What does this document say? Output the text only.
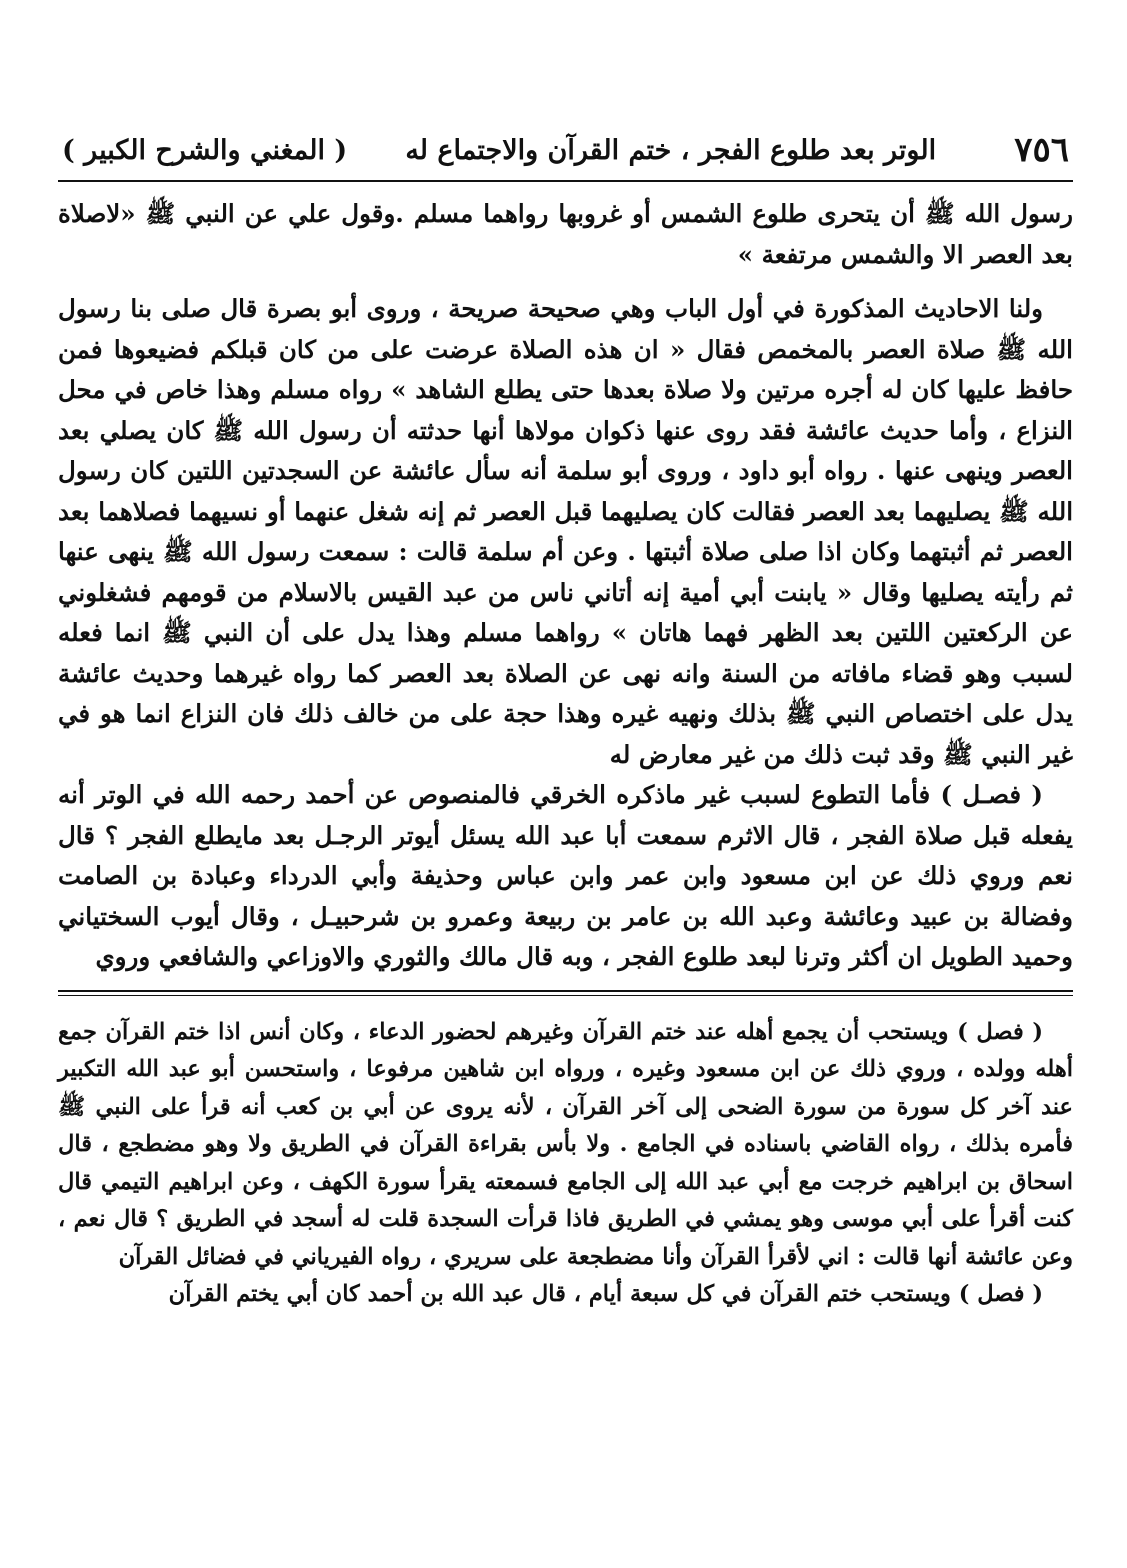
٧٥٦
الوتر بعد طلوع الفجر ، ختم القرآن والاجتماع له
( المغني والشرح الكبير )

رسول الله ﷺ أن يتحرى طلوع الشمس أو غروبها رواهما مسلم .وقول علي عن النبي ﷺ «لاصلاة بعد العصر الا والشمس مرتفعة »

ولنا الاحاديث المذكورة في أول الباب وهي صحيحة صريحة ، وروى أبو بصرة قال صلى بنا رسول الله ﷺ صلاة العصر بالمخمص فقال « ان هذه الصلاة عرضت على من كان قبلكم فضيعوها فمن حافظ عليها كان له أجره مرتين ولا صلاة بعدها حتى يطلع الشاهد » رواه مسلم وهذا خاص في محل النزاع ، وأما حديث عائشة فقد روى عنها ذكوان مولاها أنها حدثته أن رسول الله ﷺ كان يصلي بعد العصر وينهى عنها . رواه أبو داود ، وروى أبو سلمة أنه سأل عائشة عن السجدتين اللتين كان رسول الله ﷺ يصليهما بعد العصر فقالت كان يصليهما قبل العصر ثم إنه شغل عنهما أو نسيهما فصلاهما بعد العصر ثم أثبتهما وكان اذا صلى صلاة أثبتها . وعن أم سلمة قالت : سمعت رسول الله ﷺ ينهى عنها ثم رأيته يصليها وقال « يابنت أبي أمية إنه أتاني ناس من عبد القيس بالاسلام من قومهم فشغلوني عن الركعتين اللتين بعد الظهر فهما هاتان » رواهما مسلم وهذا يدل على أن النبي ﷺ انما فعله لسبب وهو قضاء مافاته من السنة وانه نهى عن الصلاة بعد العصر كما رواه غيرهما وحديث عائشة يدل على اختصاص النبي ﷺ بذلك ونهيه غيره وهذا حجة على من خالف ذلك فان النزاع انما هو في غير النبي ﷺ وقد ثبت ذلك من غير معارض له

( فصـل ) فأما التطوع لسبب غير ماذكره الخرقي فالمنصوص عن أحمد رحمه الله في الوتر أنه يفعله قبل صلاة الفجر ، قال الاثرم سمعت أبا عبد الله يسئل أيوتر الرجـل بعد مايطلع الفجر ؟ قال نعم وروي ذلك عن ابن مسعود وابن عمر وابن عباس وحذيفة وأبي الدرداء وعبادة بن الصامت وفضالة بن عبيد وعائشة وعبد الله بن عامر بن ربيعة وعمرو بن شرحبيـل ، وقال أيوب السختياني وحميد الطويل ان أكثر وترنا لبعد طلوع الفجر ، وبه قال مالك والثوري والاوزاعي والشافعي وروي

( فصل ) ويستحب أن يجمع أهله عند ختم القرآن وغيرهم لحضور الدعاء ، وكان أنس اذا ختم القرآن جمع أهله وولده ، وروي ذلك عن ابن مسعود وغيره ، ورواه ابن شاهين مرفوعا ، واستحسن أبو عبد الله التكبير عند آخر كل سورة من سورة الضحى إلى آخر القرآن ، لأنه يروى عن أبي بن كعب أنه قرأ على النبي ﷺ فأمره بذلك ، رواه القاضي باسناده في الجامع . ولا بأس بقراءة القرآن في الطريق ولا وهو مضطجع ، قال اسحاق بن ابراهيم خرجت مع أبي عبد الله إلى الجامع فسمعته يقرأ سورة الكهف ، وعن ابراهيم التيمي قال كنت أقرأ على أبي موسى وهو يمشي في الطريق فاذا قرأت السجدة قلت له أسجد في الطريق ؟ قال نعم ، وعن عائشة أنها قالت : اني لأقرأ القرآن وأنا مضطجعة على سريري ، رواه الفيرياني في فضائل القرآن

( فصل ) ويستحب ختم القرآن في كل سبعة أيام ، قال عبد الله بن أحمد كان أبي يختم القرآن
